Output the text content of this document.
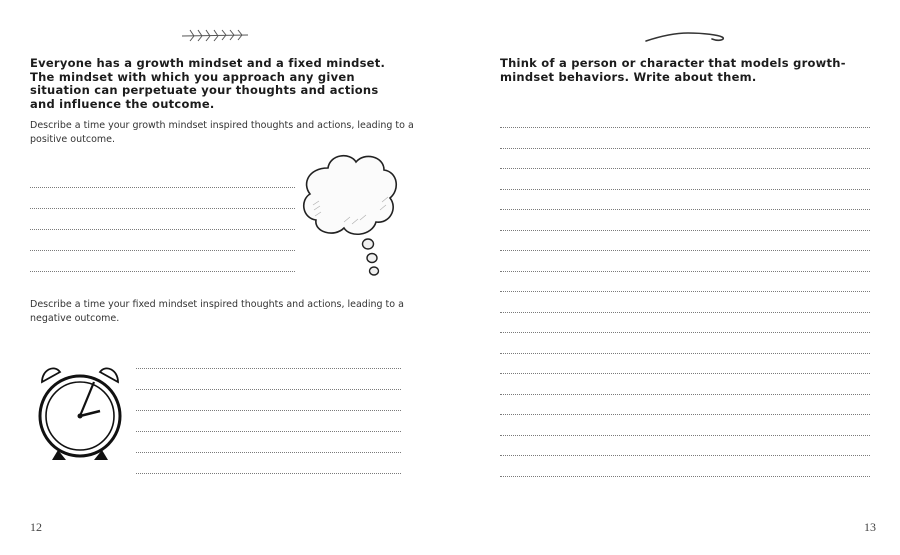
Everyone has a growth mindset and a fixed mindset. The mindset with which you approach any given situation can perpetuate your thoughts and actions and influence the outcome.

Describe a time your growth mindset inspired thoughts and actions, leading to a positive outcome.

Describe a time your fixed mindset inspired thoughts and actions, leading to a negative outcome.

12

Think of a person or character that models growth-mindset behaviors. Write about them.

13
